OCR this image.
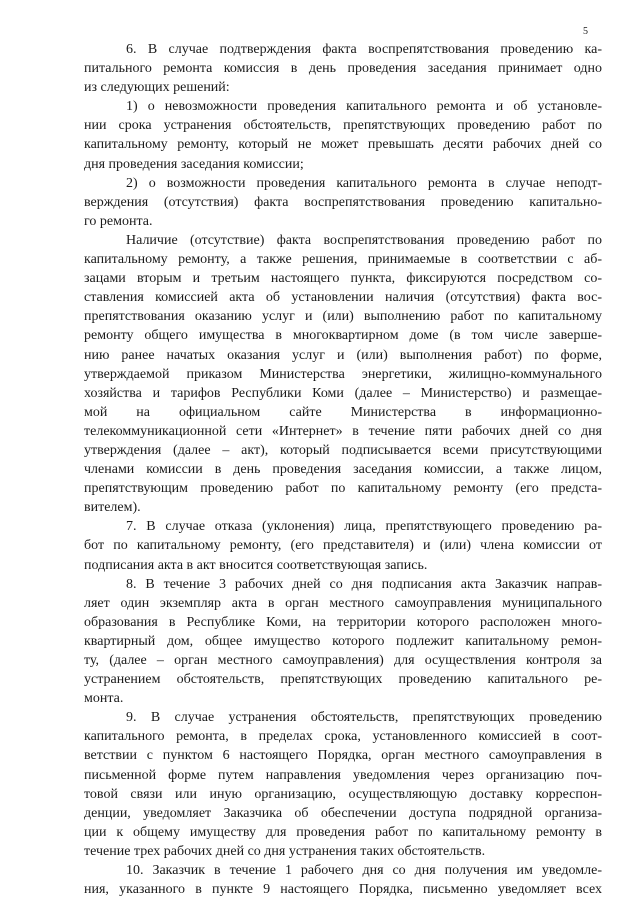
5
6. В случае подтверждения факта воспрепятствования проведению ка-
питального ремонта комиссия в день проведения заседания принимает одно
из следующих решений:
1) о невозможности проведения капитального ремонта и об установле-
нии срока устранения обстоятельств, препятствующих проведению работ по
капитальному ремонту, который не может превышать десяти рабочих дней со
дня проведения заседания комиссии;
2) о возможности проведения капитального ремонта в случае неподт-
верждения (отсутствия) факта воспрепятствования проведению капитально-
го ремонта.
Наличие (отсутствие) факта воспрепятствования проведению работ по
капитальному ремонту, а также решения, принимаемые в соответствии с аб-
зацами вторым и третьим настоящего пункта, фиксируются посредством со-
ставления комиссией акта об установлении наличия (отсутствия) факта вос-
препятствования оказанию услуг и (или) выполнению работ по капитальному
ремонту общего имущества в многоквартирном доме (в том числе завершe-
нию ранее начатых оказания услуг и (или) выполнения работ) по форме,
утверждаемой приказом Министерства энергетики, жилищно-коммунального
хозяйства и тарифов Республики Коми (далее – Министерство) и размещае-
мой на официальном сайте Министерства в информационно-
телекоммуникационной сети «Интернет» в течение пяти рабочих дней со дня
утверждения (далее – акт), который подписывается всеми присутствующими
членами комиссии в день проведения заседания комиссии, а также лицом,
препятствующим проведению работ по капитальному ремонту (его предста-
вителем).
7. В случае отказа (уклонения) лица, препятствующего проведению ра-
бот по капитальному ремонту, (его представителя) и (или) члена комиссии от
подписания акта в акт вносится соответствующая запись.
8. В течение 3 рабочих дней со дня подписания акта Заказчик направ-
ляет один экземпляр акта в орган местного самоуправления муниципального
образования в Республике Коми, на территории которого расположен много-
квартирный дом, общее имущество которого подлежит капитальному ремон-
ту, (далее – орган местного самоуправления) для осуществления контроля за
устранением обстоятельств, препятствующих проведению капитального ре-
монта.
9. В случае устранения обстоятельств, препятствующих проведению
капитального ремонта, в пределах срока, установленного комиссией в соот-
ветствии с пунктом 6 настоящего Порядка, орган местного самоуправления в
письменной форме путем направления уведомления через организацию поч-
товой связи или иную организацию, осуществляющую доставку корреспон-
денции, уведомляет Заказчика об обеспечении доступа подрядной организа-
ции к общему имуществу для проведения работ по капитальному ремонту в
течение трех рабочих дней со дня устранения таких обстоятельств.
10. Заказчик в течение 1 рабочего дня со дня получения им уведомле-
ния, указанного в пункте 9 настоящего Порядка, письменно уведомляет всех
